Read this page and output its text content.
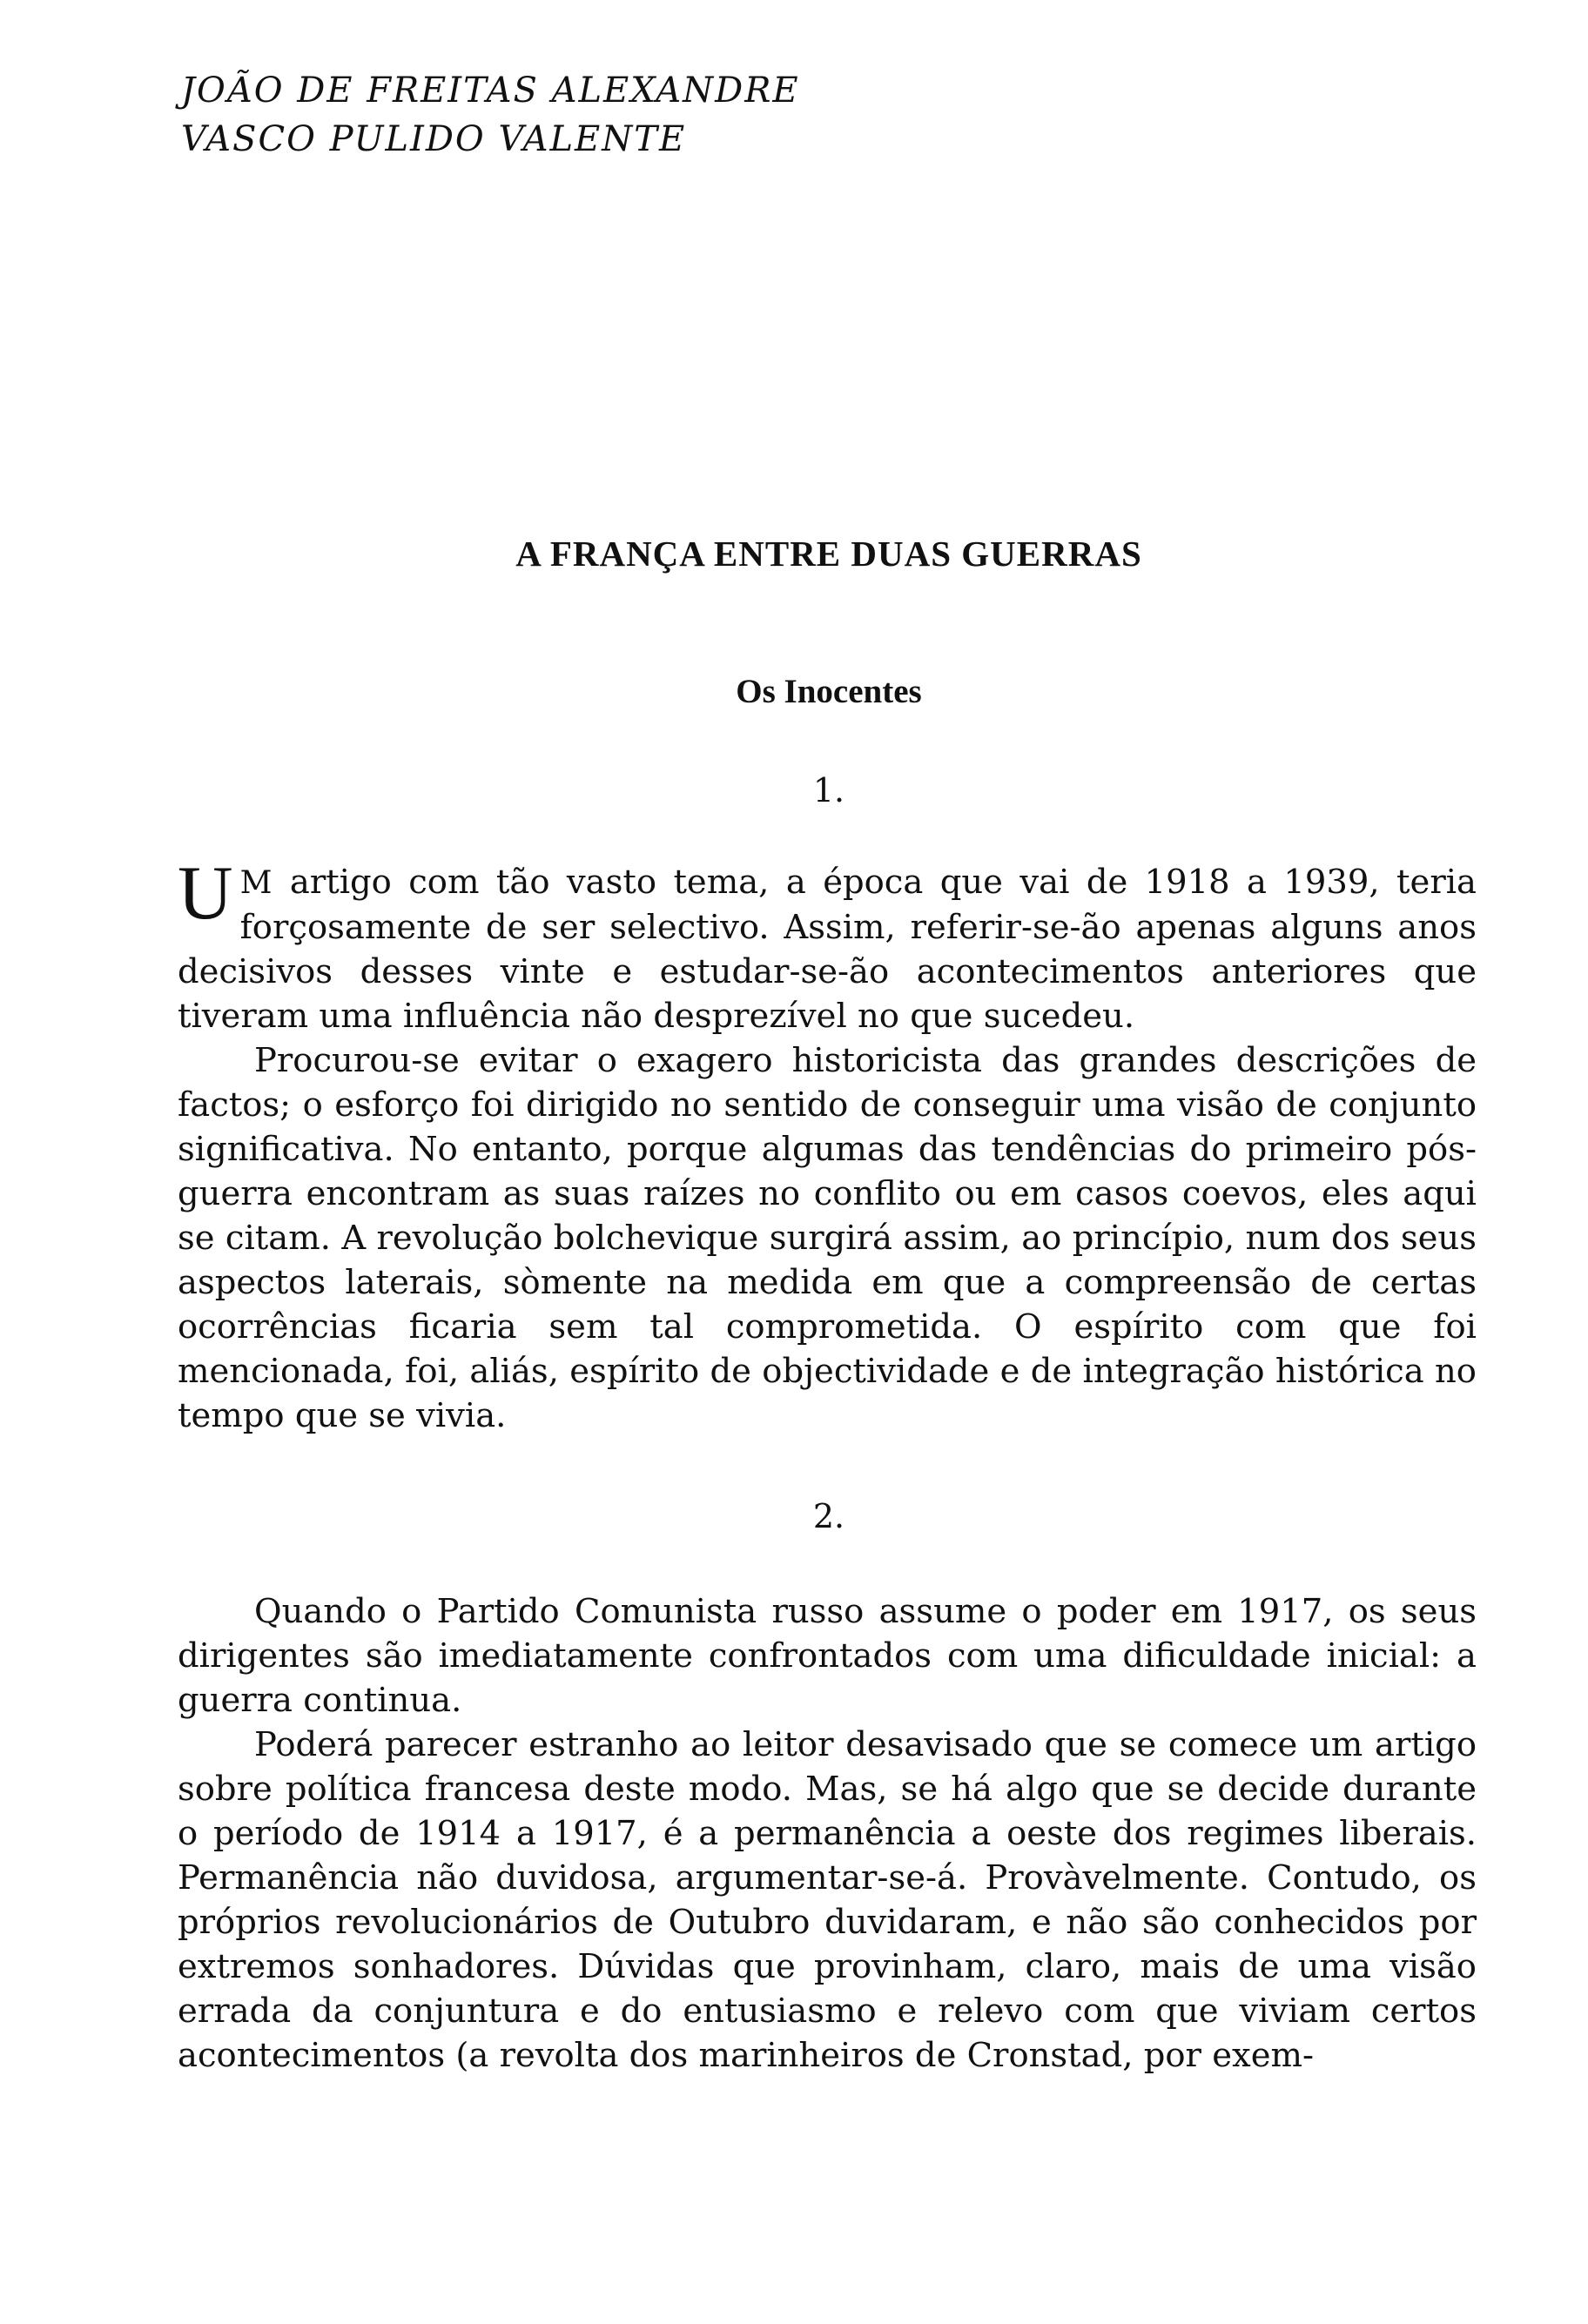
JOÃO DE FREITAS ALEXANDRE
VASCO PULIDO VALENTE
A FRANÇA ENTRE DUAS GUERRAS
Os Inocentes
1.

U M artigo com tão vasto tema, a época que vai de 1918 a 1939, teria forçosamente de ser selectivo. Assim, referir-se-ão apenas alguns anos decisivos desses vinte e estudar-se-ão acontecimentos anteriores que tiveram uma influência não desprezível no que sucedeu.

Procurou-se evitar o exagero historicista das grandes descrições de factos; o esforço foi dirigido no sentido de conseguir uma visão de conjunto significativa. No entanto, porque algumas das tendências do primeiro pós-guerra encontram as suas raízes no conflito ou em casos coevos, eles aqui se citam. A revolução bolchevique surgirá assim, ao princípio, num dos seus aspectos laterais, sòmente na medida em que a compreensão de certas ocorrências ficaria sem tal comprometida. O espírito com que foi mencionada, foi, aliás, espírito de objectividade e de integração histórica no tempo que se vivia.

2.

Quando o Partido Comunista russo assume o poder em 1917, os seus dirigentes são imediatamente confrontados com uma dificuldade inicial: a guerra continua.

Poderá parecer estranho ao leitor desavisado que se comece um artigo sobre política francesa deste modo. Mas, se há algo que se decide durante o período de 1914 a 1917, é a permanência a oeste dos regimes liberais. Permanência não duvidosa, argumentar-se-á. Provàvelmente. Contudo, os próprios revolucionários de Outubro duvidaram, e não são conhecidos por extremos sonhadores. Dúvidas que provinham, claro, mais de uma visão errada da conjuntura e do entusiasmo e relevo com que viviam certos acontecimentos (a revolta dos marinheiros de Cronstad, por exem-
